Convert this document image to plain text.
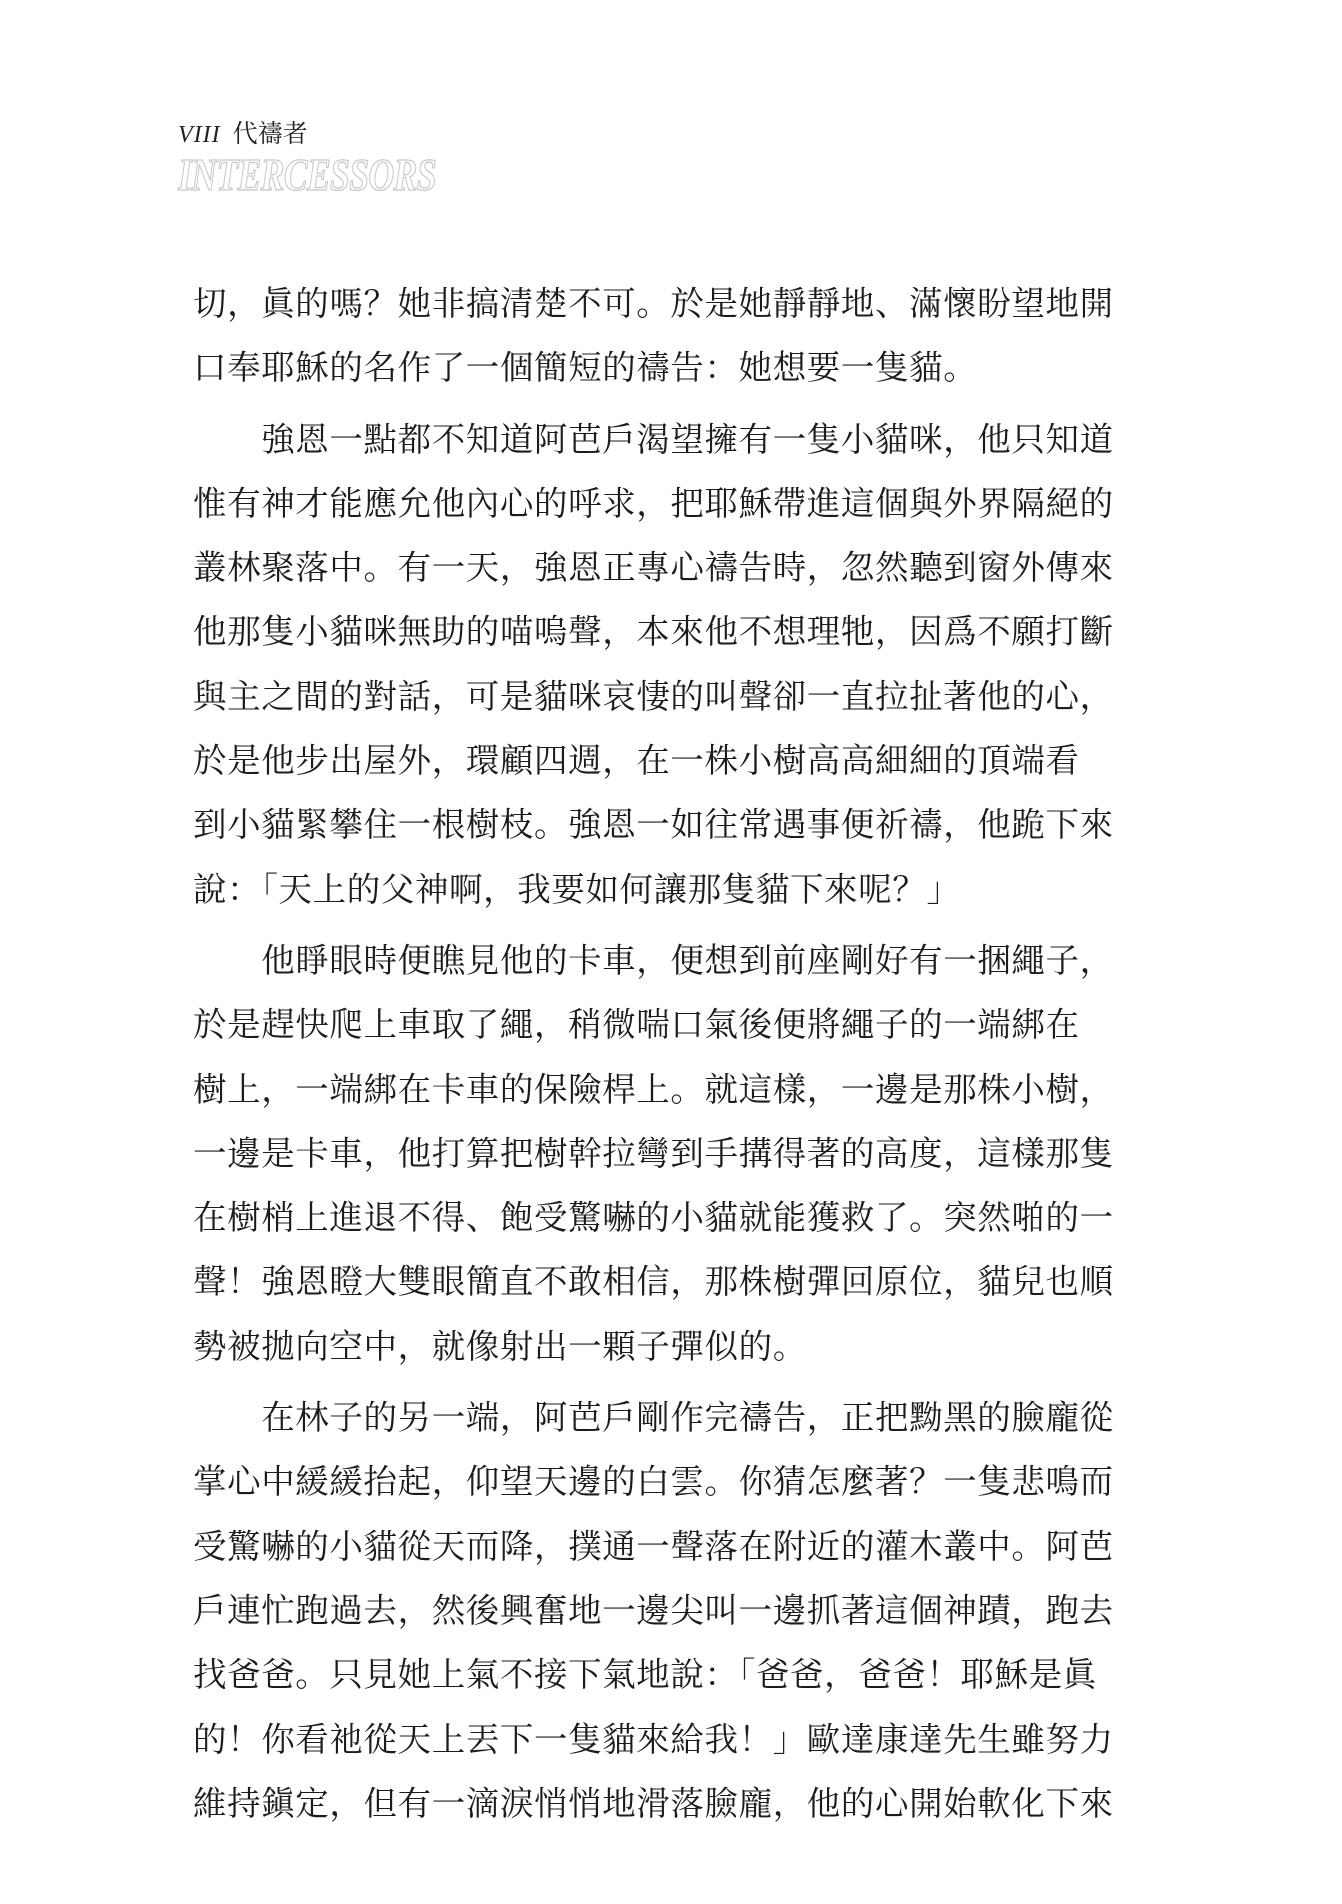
VIII 代禱者
INTERCESSORS
切，眞的嗎？她非搞清楚不可。於是她靜靜地、滿懷盼望地開
口奉耶穌的名作了一個簡短的禱告：她想要一隻貓。
　　強恩一點都不知道阿芭戶渴望擁有一隻小貓咪，他只知道
惟有神才能應允他內心的呼求，把耶穌帶進這個與外界隔絕的
叢林聚落中。有一天，強恩正專心禱告時，忽然聽到窗外傳來
他那隻小貓咪無助的喵嗚聲，本來他不想理牠，因爲不願打斷
與主之間的對話，可是貓咪哀悽的叫聲卻一直拉扯著他的心，
於是他步出屋外，環顧四週，在一株小樹高高細細的頂端看
到小貓緊攀住一根樹枝。強恩一如往常遇事便祈禱，他跪下來
說：「天上的父神啊，我要如何讓那隻貓下來呢？」
　　他睜眼時便瞧見他的卡車，便想到前座剛好有一捆繩子，
於是趕快爬上車取了繩，稍微喘口氣後便將繩子的一端綁在
樹上，一端綁在卡車的保險桿上。就這樣，一邊是那株小樹，
一邊是卡車，他打算把樹幹拉彎到手搆得著的高度，這樣那隻
在樹梢上進退不得、飽受驚嚇的小貓就能獲救了。突然啪的一
聲！強恩瞪大雙眼簡直不敢相信，那株樹彈回原位，貓兒也順
勢被拋向空中，就像射出一顆子彈似的。
　　在林子的另一端，阿芭戶剛作完禱告，正把黝黑的臉龐從
掌心中緩緩抬起，仰望天邊的白雲。你猜怎麼著？一隻悲鳴而
受驚嚇的小貓從天而降，撲通一聲落在附近的灌木叢中。阿芭
戶連忙跑過去，然後興奮地一邊尖叫一邊抓著這個神蹟，跑去
找爸爸。只見她上氣不接下氣地說：「爸爸，爸爸！耶穌是眞
的！你看祂從天上丟下一隻貓來給我！」歐達康達先生雖努力
維持鎭定，但有一滴淚悄悄地滑落臉龐，他的心開始軟化下來
